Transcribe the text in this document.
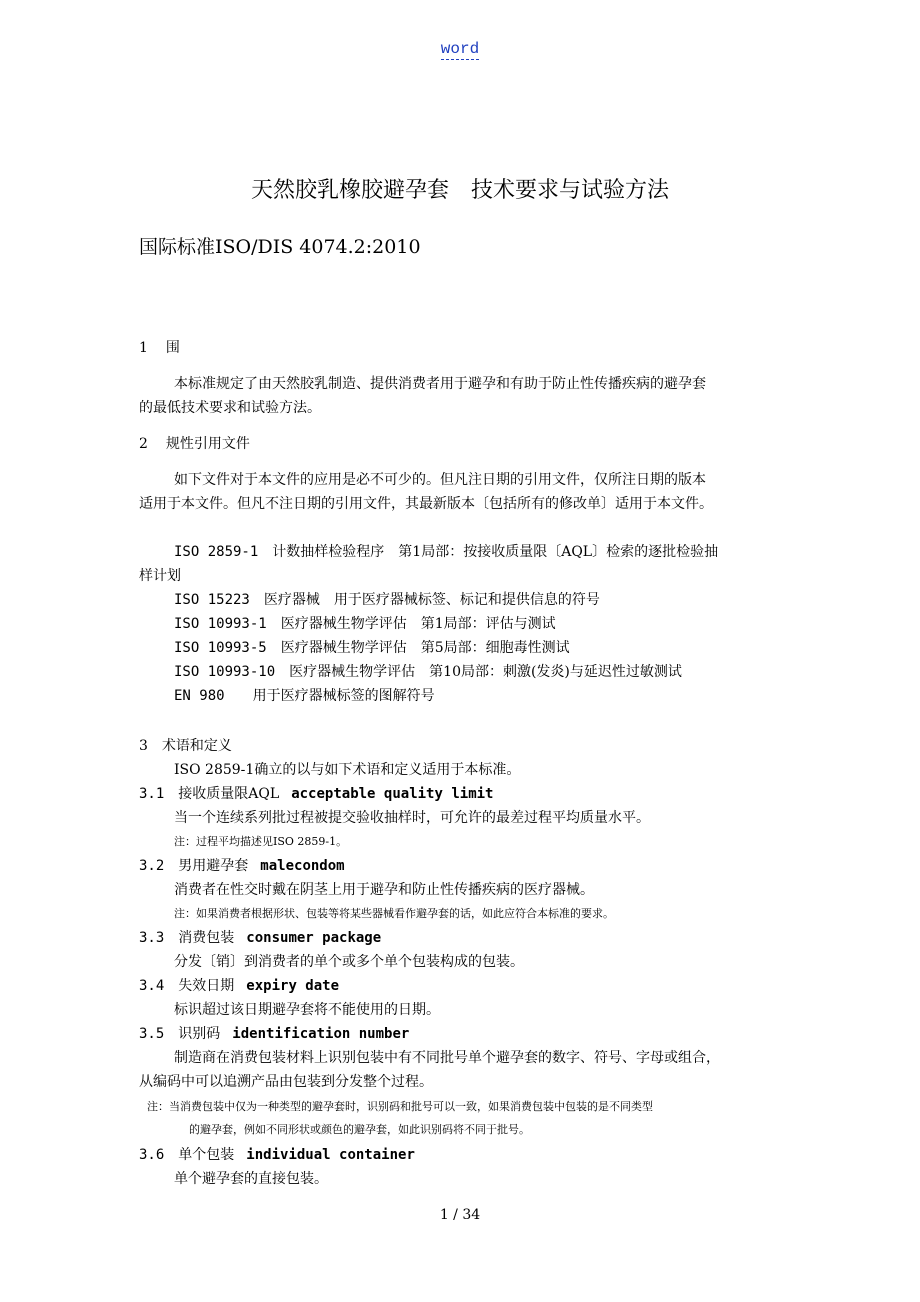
word
天然胶乳橡胶避孕套　技术要求与试验方法
国际标准ISO/DIS 4074.2:2010
1 围
本标准规定了由天然胶乳制造、提供消费者用于避孕和有助于防止性传播疾病的避孕套
的最低技术要求和试验方法。
2 规性引用文件
如下文件对于本文件的应用是必不可少的。但凡注日期的引用文件，仅所注日期的版本
适用于本文件。但凡不注日期的引用文件，其最新版本〔包括所有的修改单〕适用于本文件。
ISO 2859-1 计数抽样检验程序　第1局部：按接收质量限〔AQL〕检索的逐批检验抽
样计划
ISO 15223 医疗器械　用于医疗器械标签、标记和提供信息的符号
ISO 10993-1 医疗器械生物学评估　第1局部：评估与测试
ISO 10993-5 医疗器械生物学评估　第5局部：细胞毒性测试
ISO 10993-10 医疗器械生物学评估　第10局部：刺激(发炎)与延迟性过敏测试
EN 980 用于医疗器械标签的图解符号
3 术语和定义
ISO 2859-1确立的以与如下术语和定义适用于本标准。
3.1 接收质量限AQL acceptable quality limit
当一个连续系列批过程被提交验收抽样时，可允许的最差过程平均质量水平。
注：过程平均描述见ISO 2859-1。
3.2 男用避孕套 malecondom
消费者在性交时戴在阴茎上用于避孕和防止性传播疾病的医疗器械。
注：如果消费者根据形状、包装等将某些器械看作避孕套的话，如此应符合本标准的要求。
3.3 消费包装 consumer package
分发〔销〕到消费者的单个或多个单个包装构成的包装。
3.4 失效日期 expiry date
标识超过该日期避孕套将不能使用的日期。
3.5 识别码 identification number
制造商在消费包装材料上识别包装中有不同批号单个避孕套的数字、符号、字母或组合，
从编码中可以追溯产品由包装到分发整个过程。
注：当消费包装中仅为一种类型的避孕套时，识别码和批号可以一致，如果消费包装中包装的是不同类型
的避孕套，例如不同形状或颜色的避孕套，如此识别码将不同于批号。
3.6 单个包装 individual container
单个避孕套的直接包装。
1 / 34
